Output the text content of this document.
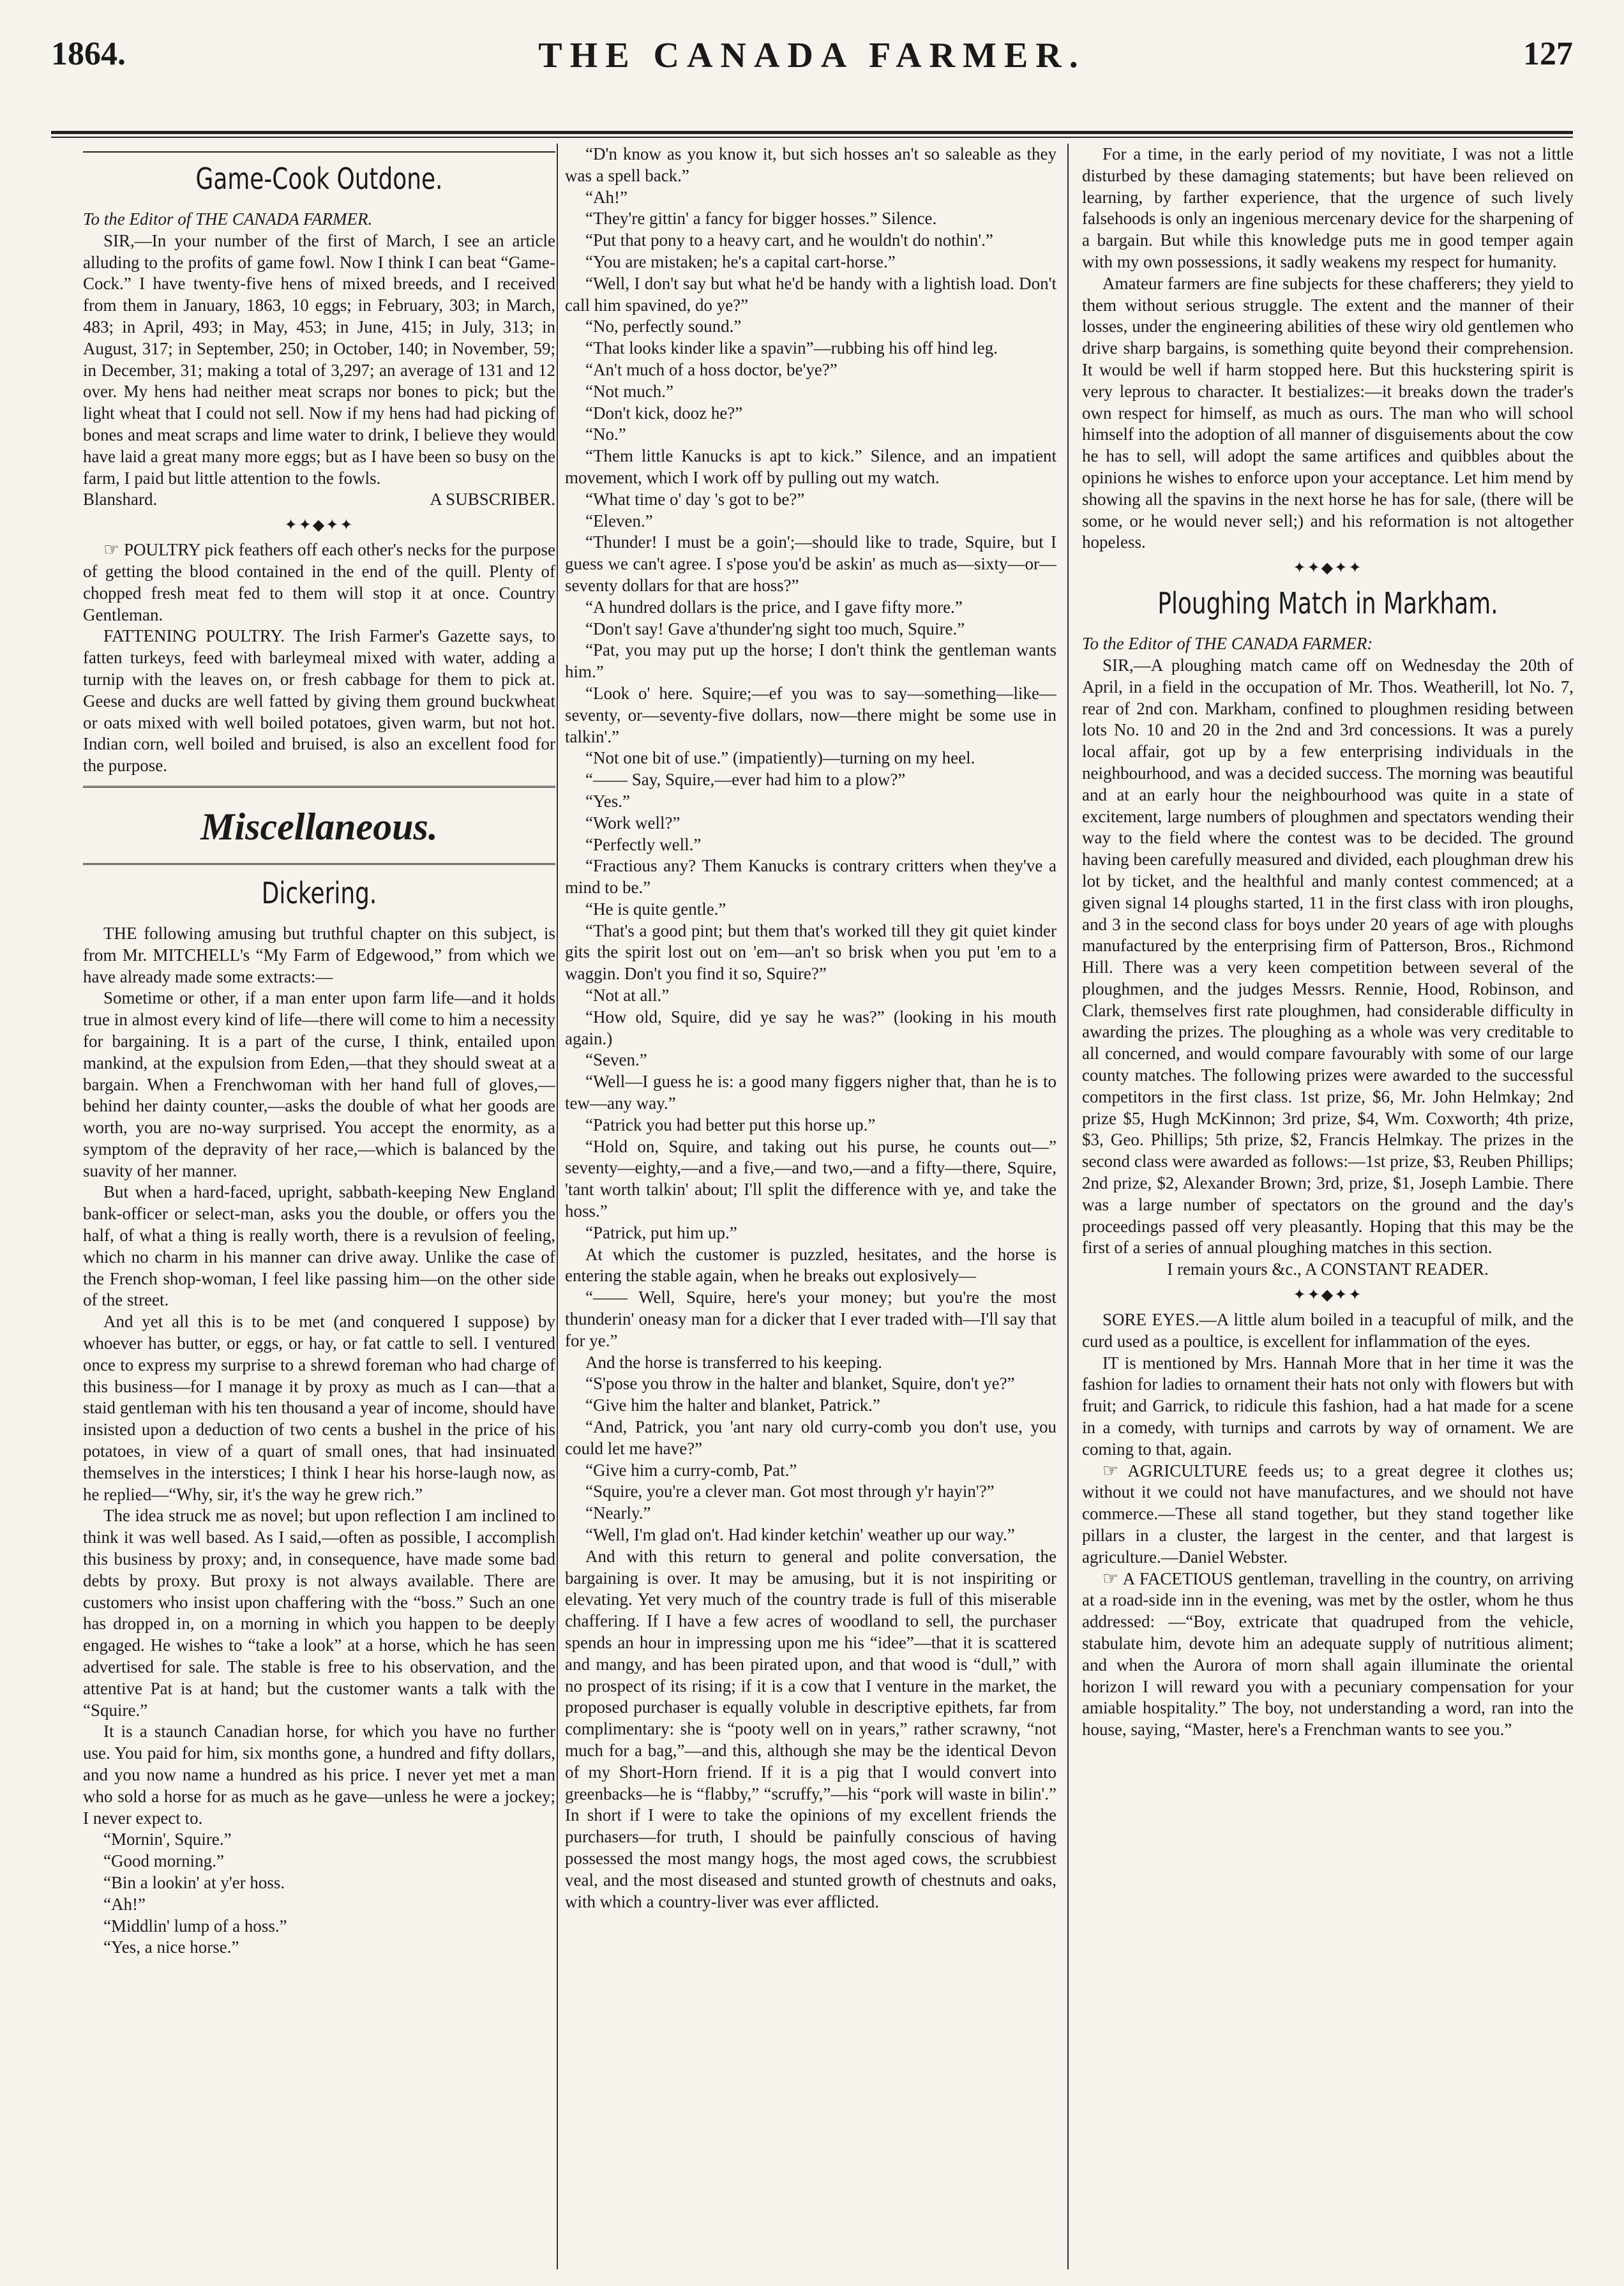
1864.	THE CANADA FARMER.	127
Game-Cook Outdone.

To the Editor of THE CANADA FARMER.

SIR,—In your number of the first of March, I see an article alluding to the profits of game fowl. Now I think I can beat “Game-Cock.” I have twenty-five hens of mixed breeds, and I received from them in January, 1863, 10 eggs; in February, 303; in March, 483; in April, 493; in May, 453; in June, 415; in July, 313; in August, 317; in September, 250; in October, 140; in November, 59; in December, 31; making a total of 3,297; an average of 131 and 12 over. My hens had neither meat scraps nor bones to pick; but the light wheat that I could not sell. Now if my hens had had picking of bones and meat scraps and lime water to drink, I believe they would have laid a great many more eggs; but as I have been so busy on the farm, I paid but little attention to the fowls.

Blanshard.	A SUBSCRIBER.

✦✦◆✦✦

☞ POULTRY pick feathers off each other's necks for the purpose of getting the blood contained in the end of the quill. Plenty of chopped fresh meat fed to them will stop it at once. Country Gentleman.

FATTENING POULTRY. The Irish Farmer's Gazette says, to fatten turkeys, feed with barleymeal mixed with water, adding a turnip with the leaves on, or fresh cabbage for them to pick at. Geese and ducks are well fatted by giving them ground buckwheat or oats mixed with well boiled potatoes, given warm, but not hot. Indian corn, well boiled and bruised, is also an excellent food for the purpose.

Miscellaneous.
Dickering.

THE following amusing but truthful chapter on this subject, is from Mr. MITCHELL's “My Farm of Edgewood,” from which we have already made some extracts:—

Sometime or other, if a man enter upon farm life—and it holds true in almost every kind of life—there will come to him a necessity for bargaining. It is a part of the curse, I think, entailed upon mankind, at the expulsion from Eden,—that they should sweat at a bargain. When a Frenchwoman with her hand full of gloves,—behind her dainty counter,—asks the double of what her goods are worth, you are no-way surprised. You accept the enormity, as a symptom of the depravity of her race,—which is balanced by the suavity of her manner.

But when a hard-faced, upright, sabbath-keeping New England bank-officer or select-man, asks you the double, or offers you the half, of what a thing is really worth, there is a revulsion of feeling, which no charm in his manner can drive away. Unlike the case of the French shop-woman, I feel like passing him—on the other side of the street.

And yet all this is to be met (and conquered I suppose) by whoever has butter, or eggs, or hay, or fat cattle to sell. I ventured once to express my surprise to a shrewd foreman who had charge of this business—for I manage it by proxy as much as I can—that a staid gentleman with his ten thousand a year of income, should have insisted upon a deduction of two cents a bushel in the price of his potatoes, in view of a quart of small ones, that had insinuated themselves in the interstices; I think I hear his horse-laugh now, as he replied—“Why, sir, it's the way he grew rich.”

The idea struck me as novel; but upon reflection I am inclined to think it was well based. As I said,—often as possible, I accomplish this business by proxy; and, in consequence, have made some bad debts by proxy. But proxy is not always available. There are customers who insist upon chaffering with the “boss.” Such an one has dropped in, on a morning in which you happen to be deeply engaged. He wishes to “take a look” at a horse, which he has seen advertised for sale. The stable is free to his observation, and the attentive Pat is at hand; but the customer wants a talk with the “Squire.”

It is a staunch Canadian horse, for which you have no further use. You paid for him, six months gone, a hundred and fifty dollars, and you now name a hundred as his price. I never yet met a man who sold a horse for as much as he gave—unless he were a jockey; I never expect to.

“Mornin', Squire.”

“Good morning.”

“Bin a lookin' at y'er hoss.

“Ah!”

“Middlin' lump of a hoss.”

“Yes, a nice horse.”

“D'n know as you know it, but sich hosses an't so saleable as they was a spell back.”

“Ah!”

“They're gittin' a fancy for bigger hosses.” Silence.

“Put that pony to a heavy cart, and he wouldn't do nothin'.”

“You are mistaken; he's a capital cart-horse.”

“Well, I don't say but what he'd be handy with a lightish load. Don't call him spavined, do ye?”

“No, perfectly sound.”

“That looks kinder like a spavin”—rubbing his off hind leg.

“An't much of a hoss doctor, be'ye?”

“Not much.”

“Don't kick, dooz he?”

“No.”

“Them little Kanucks is apt to kick.” Silence, and an impatient movement, which I work off by pulling out my watch.

“What time o' day 's got to be?”

“Eleven.”

“Thunder! I must be a goin';—should like to trade, Squire, but I guess we can't agree. I s'pose you'd be askin' as much as—sixty—or—seventy dollars for that are hoss?”

“A hundred dollars is the price, and I gave fifty more.”

“Don't say! Gave a'thunder'ng sight too much, Squire.”

“Pat, you may put up the horse; I don't think the gentleman wants him.”

“Look o' here. Squire;—ef you was to say—something—like—seventy, or—seventy-five dollars, now—there might be some use in talkin'.”

“Not one bit of use.” (impatiently)—turning on my heel.

“—— Say, Squire,—ever had him to a plow?”

“Yes.”

“Work well?”

“Perfectly well.”

“Fractious any? Them Kanucks is contrary critters when they've a mind to be.”

“He is quite gentle.”

“That's a good pint; but them that's worked till they git quiet kinder gits the spirit lost out on 'em—an't so brisk when you put 'em to a waggin. Don't you find it so, Squire?”

“Not at all.”

“How old, Squire, did ye say he was?” (looking in his mouth again.)

“Seven.”

“Well—I guess he is: a good many figgers nigher that, than he is to tew—any way.”

“Patrick you had better put this horse up.”

“Hold on, Squire, and taking out his purse, he counts out—” seventy—eighty,—and a five,—and two,—and a fifty—there, Squire, 'tant worth talkin' about; I'll split the difference with ye, and take the hoss.”

“Patrick, put him up.”

At which the customer is puzzled, hesitates, and the horse is entering the stable again, when he breaks out explosively—

“—— Well, Squire, here's your money; but you're the most thunderin' oneasy man for a dicker that I ever traded with—I'll say that for ye.”

And the horse is transferred to his keeping.

“S'pose you throw in the halter and blanket, Squire, don't ye?”

“Give him the halter and blanket, Patrick.”

“And, Patrick, you 'ant nary old curry-comb you don't use, you could let me have?”

“Give him a curry-comb, Pat.”

“Squire, you're a clever man. Got most through y'r hayin'?”

“Nearly.”

“Well, I'm glad on't. Had kinder ketchin' weather up our way.”

And with this return to general and polite conversation, the bargaining is over. It may be amusing, but it is not inspiriting or elevating. Yet very much of the country trade is full of this miserable chaffering. If I have a few acres of woodland to sell, the purchaser spends an hour in impressing upon me his “idee”—that it is scattered and mangy, and has been pirated upon, and that wood is “dull,” with no prospect of its rising; if it is a cow that I venture in the market, the proposed purchaser is equally voluble in descriptive epithets, far from complimentary: she is “pooty well on in years,” rather scrawny, “not much for a bag,”—and this, although she may be the identical Devon of my Short-Horn friend. If it is a pig that I would convert into greenbacks—he is “flabby,” “scruffy,”—his “pork will waste in bilin'.” In short if I were to take the opinions of my excellent friends the purchasers—for truth, I should be painfully conscious of having possessed the most mangy hogs, the most aged cows, the scrubbiest veal, and the most diseased and stunted growth of chestnuts and oaks, with which a country-liver was ever afflicted.

For a time, in the early period of my novitiate, I was not a little disturbed by these damaging statements; but have been relieved on learning, by farther experience, that the urgence of such lively falsehoods is only an ingenious mercenary device for the sharpening of a bargain. But while this knowledge puts me in good temper again with my own possessions, it sadly weakens my respect for humanity.

Amateur farmers are fine subjects for these chafferers; they yield to them without serious struggle. The extent and the manner of their losses, under the engineering abilities of these wiry old gentlemen who drive sharp bargains, is something quite beyond their comprehension. It would be well if harm stopped here. But this huckstering spirit is very leprous to character. It bestializes:—it breaks down the trader's own respect for himself, as much as ours. The man who will school himself into the adoption of all manner of disguisements about the cow he has to sell, will adopt the same artifices and quibbles about the opinions he wishes to enforce upon your acceptance. Let him mend by showing all the spavins in the next horse he has for sale, (there will be some, or he would never sell;) and his reformation is not altogether hopeless.

✦✦◆✦✦
Ploughing Match in Markham.

To the Editor of THE CANADA FARMER:

SIR,—A ploughing match came off on Wednesday the 20th of April, in a field in the occupation of Mr. Thos. Weatherill, lot No. 7, rear of 2nd con. Markham, confined to ploughmen residing between lots No. 10 and 20 in the 2nd and 3rd concessions. It was a purely local affair, got up by a few enterprising individuals in the neighbourhood, and was a decided success. The morning was beautiful and at an early hour the neighbourhood was quite in a state of excitement, large numbers of ploughmen and spectators wending their way to the field where the contest was to be decided. The ground having been carefully measured and divided, each ploughman drew his lot by ticket, and the healthful and manly contest commenced; at a given signal 14 ploughs started, 11 in the first class with iron ploughs, and 3 in the second class for boys under 20 years of age with ploughs manufactured by the enterprising firm of Patterson, Bros., Richmond Hill. There was a very keen competition between several of the ploughmen, and the judges Messrs. Rennie, Hood, Robinson, and Clark, themselves first rate ploughmen, had considerable difficulty in awarding the prizes. The ploughing as a whole was very creditable to all concerned, and would compare favourably with some of our large county matches. The following prizes were awarded to the successful competitors in the first class. 1st prize, $6, Mr. John Helmkay; 2nd prize $5, Hugh McKinnon; 3rd prize, $4, Wm. Coxworth; 4th prize, $3, Geo. Phillips; 5th prize, $2, Francis Helmkay. The prizes in the second class were awarded as follows:—1st prize, $3, Reuben Phillips; 2nd prize, $2, Alexander Brown; 3rd, prize, $1, Joseph Lambie. There was a large number of spectators on the ground and the day's proceedings passed off very pleasantly. Hoping that this may be the first of a series of annual ploughing matches in this section.

I remain yours &c., A CONSTANT READER.

✦✦◆✦✦

SORE EYES.—A little alum boiled in a teacupful of milk, and the curd used as a poultice, is excellent for inflammation of the eyes.

IT is mentioned by Mrs. Hannah More that in her time it was the fashion for ladies to ornament their hats not only with flowers but with fruit; and Garrick, to ridicule this fashion, had a hat made for a scene in a comedy, with turnips and carrots by way of ornament. We are coming to that, again.

☞ AGRICULTURE feeds us; to a great degree it clothes us; without it we could not have manufactures, and we should not have commerce.—These all stand together, but they stand together like pillars in a cluster, the largest in the center, and that largest is agriculture.—Daniel Webster.

☞ A FACETIOUS gentleman, travelling in the country, on arriving at a road-side inn in the evening, was met by the ostler, whom he thus addressed: —“Boy, extricate that quadruped from the vehicle, stabulate him, devote him an adequate supply of nutritious aliment; and when the Aurora of morn shall again illuminate the oriental horizon I will reward you with a pecuniary compensation for your amiable hospitality.” The boy, not understanding a word, ran into the house, saying, “Master, here's a Frenchman wants to see you.”
